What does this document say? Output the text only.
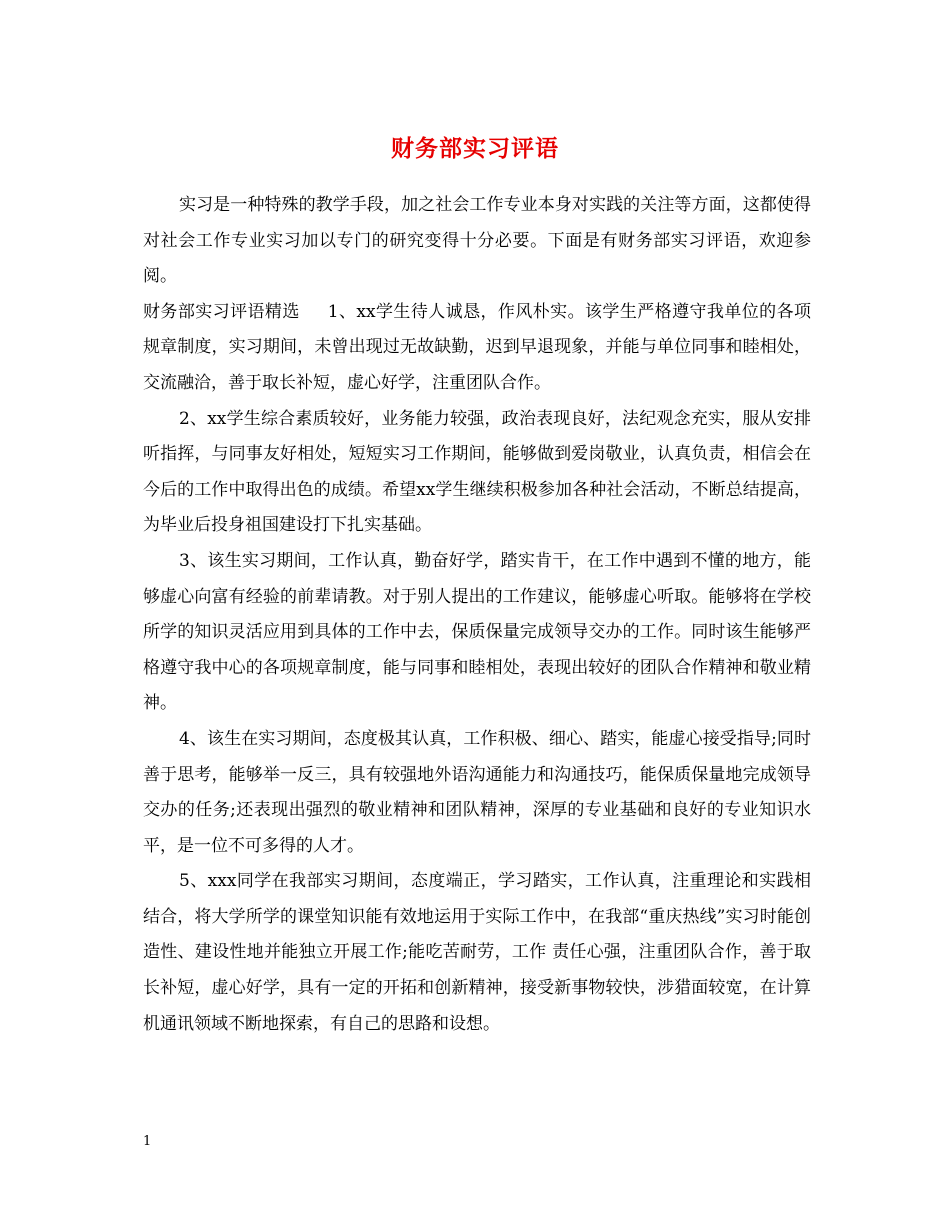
财务部实习评语

实习是一种特殊的教学手段，加之社会工作专业本身对实践的关注等方面，这都使得对社会工作专业实习加以专门的研究变得十分必要。下面是有财务部实习评语，欢迎参阅。

财务部实习评语精选 1、xx学生待人诚恳，作风朴实。该学生严格遵守我单位的各项规章制度，实习期间，未曾出现过无故缺勤，迟到早退现象，并能与单位同事和睦相处，交流融洽，善于取长补短，虚心好学，注重团队合作。

2、xx学生综合素质较好，业务能力较强，政治表现良好，法纪观念充实，服从安排听指挥，与同事友好相处，短短实习工作期间，能够做到爱岗敬业，认真负责，相信会在今后的工作中取得出色的成绩。希望xx学生继续积极参加各种社会活动，不断总结提高，为毕业后投身祖国建设打下扎实基础。

3、该生实习期间，工作认真，勤奋好学，踏实肯干，在工作中遇到不懂的地方，能够虚心向富有经验的前辈请教。对于别人提出的工作建议，能够虚心听取。能够将在学校所学的知识灵活应用到具体的工作中去，保质保量完成领导交办的工作。同时该生能够严格遵守我中心的各项规章制度，能与同事和睦相处，表现出较好的团队合作精神和敬业精神。

4、该生在实习期间，态度极其认真，工作积极、细心、踏实，能虚心接受指导;同时善于思考，能够举一反三，具有较强地外语沟通能力和沟通技巧，能保质保量地完成领导交办的任务;还表现出强烈的敬业精神和团队精神，深厚的专业基础和良好的专业知识水平，是一位不可多得的人才。

5、xxx同学在我部实习期间，态度端正，学习踏实，工作认真，注重理论和实践相结合，将大学所学的课堂知识能有效地运用于实际工作中，在我部“重庆热线”实习时能创造性、建设性地并能独立开展工作;能吃苦耐劳，工作 责任心强，注重团队合作，善于取长补短，虚心好学，具有一定的开拓和创新精神，接受新事物较快，涉猎面较宽，在计算机通讯领域不断地探索，有自己的思路和设想。

1
